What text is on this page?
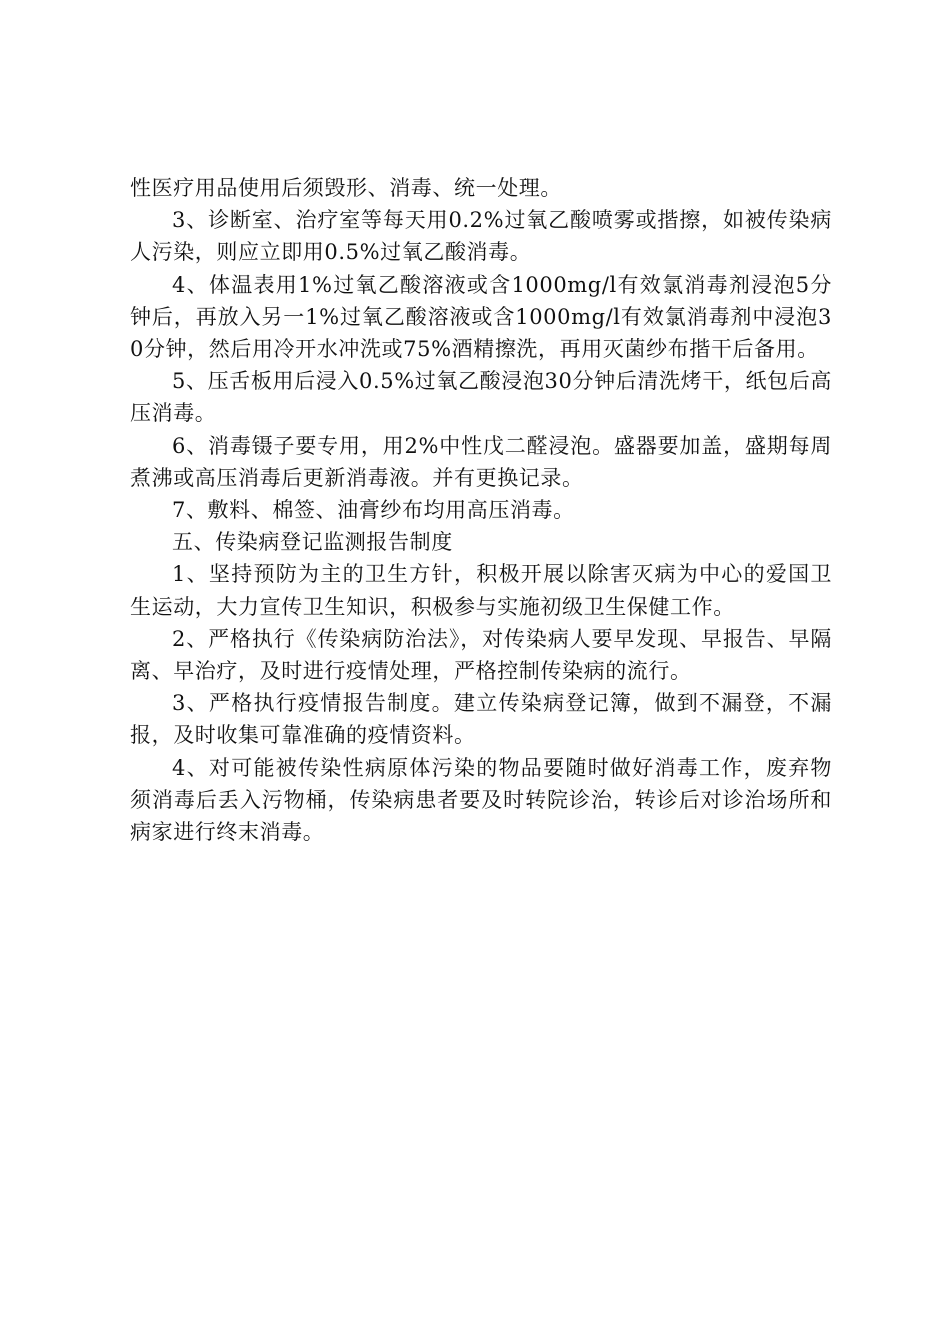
性医疗用品使用后须毁形、消毒、统一处理。

3、诊断室、治疗室等每天用0.2%过氧乙酸喷雾或揩擦，如被传染病人污染，则应立即用0.5%过氧乙酸消毒。

4、体温表用1%过氧乙酸溶液或含1000mg/l有效氯消毒剂浸泡5分钟后，再放入另一1%过氧乙酸溶液或含1000mg/l有效氯消毒剂中浸泡30分钟，然后用冷开水冲洗或75%酒精擦洗，再用灭菌纱布揩干后备用。

5、压舌板用后浸入0.5%过氧乙酸浸泡30分钟后清洗烤干，纸包后高压消毒。

6、消毒镊子要专用，用2%中性戊二醛浸泡。盛器要加盖，盛期每周煮沸或高压消毒后更新消毒液。并有更换记录。

7、敷料、棉签、油膏纱布均用高压消毒。

五、传染病登记监测报告制度

1、坚持预防为主的卫生方针，积极开展以除害灭病为中心的爱国卫生运动，大力宣传卫生知识，积极参与实施初级卫生保健工作。

2、严格执行《传染病防治法》，对传染病人要早发现、早报告、早隔离、早治疗，及时进行疫情处理，严格控制传染病的流行。

3、严格执行疫情报告制度。建立传染病登记簿，做到不漏登，不漏报，及时收集可靠准确的疫情资料。

4、对可能被传染性病原体污染的物品要随时做好消毒工作，废弃物须消毒后丢入污物桶，传染病患者要及时转院诊治，转诊后对诊治场所和病家进行终末消毒。
